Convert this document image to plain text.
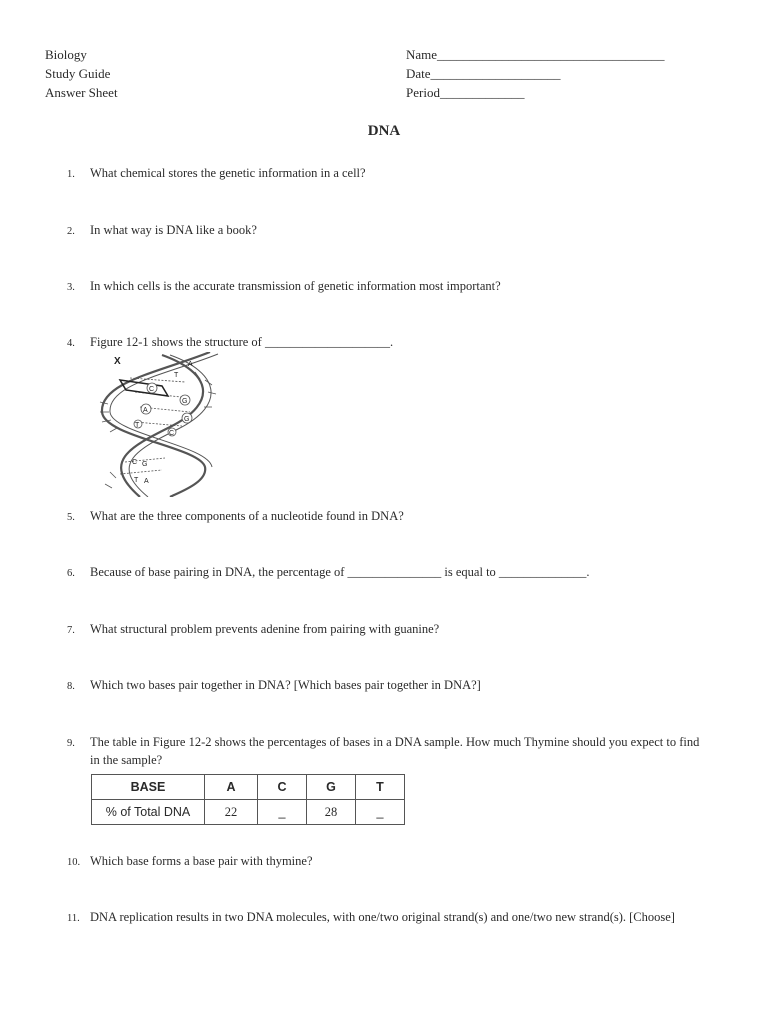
Biology
Study Guide
Answer Sheet
Name___________________________________
Date____________________
Period_____________
DNA
1. What chemical stores the genetic information in a cell?
2. In what way is DNA like a book?
3. In which cells is the accurate transmission of genetic information most important?
4. Figure 12-1 shows the structure of ____________________.
X	A
T
C
G
A
G
T
C
C G
T A
5. What are the three components of a nucleotide found in DNA?
6. Because of base pairing in DNA, the percentage of _______________ is equal to ______________.
7. What structural problem prevents adenine from pairing with guanine?
8. Which two bases pair together in DNA? [Which bases pair together in DNA?]
9. The table in Figure 12-2 shows the percentages of bases in a DNA sample. How much Thymine should you expect to find in the sample?
BASE	A	C	G	T
% of Total DNA	22	_	28	_
10. Which base forms a base pair with thymine?
11. DNA replication results in two DNA molecules, with one/two original strand(s) and one/two new strand(s). [Choose]
